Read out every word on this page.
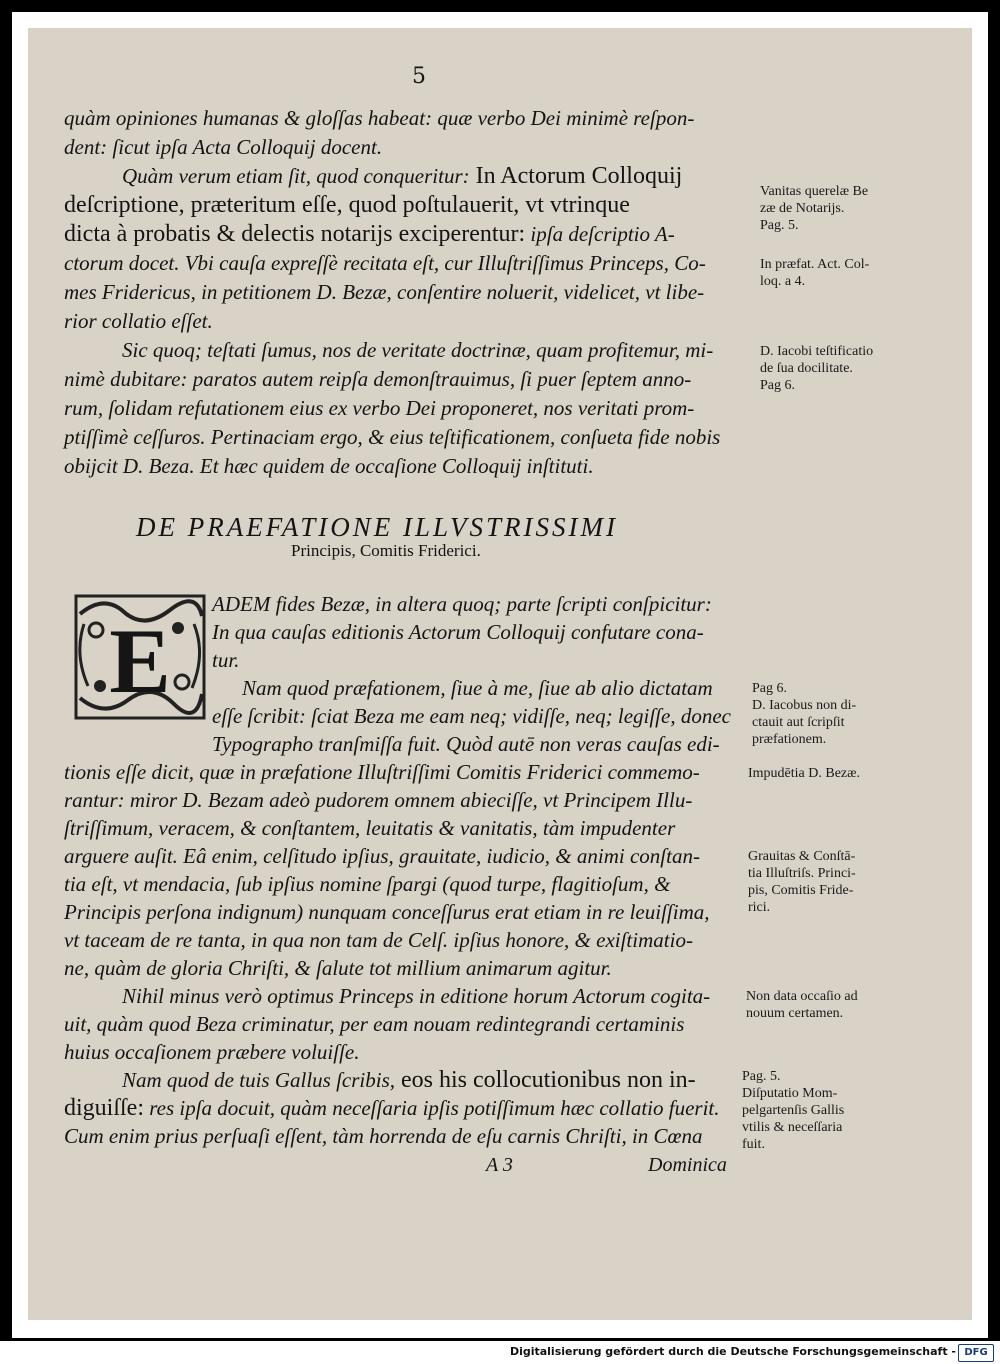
5
quàm opiniones humanas & gloſſas habeat: quæ verbo Dei minimè reſpon-
dent: ſicut ipſa Acta Colloquij docent.
Quàm verum etiam ſit, quod conqueritur: In Actorum Colloquij
deſcriptione, præteritum eſſe, quod poſtulauerit, vt vtrinque
dicta à probatis & delectis notarijs exciperentur: ipſa deſcriptio A-
ctorum docet. Vbi cauſa expreſſè recitata eſt, cur Illuſtriſſimus Princeps, Co-
mes Fridericus, in petitionem D. Bezæ, conſentire noluerit, videlicet, vt libe-
rior collatio eſſet.
Sic quoq; teſtati ſumus, nos de veritate doctrinæ, quam profitemur, mi-
nimè dubitare: paratos autem reipſa demonſtrauimus, ſi puer ſeptem anno-
rum, ſolidam refutationem eius ex verbo Dei proponeret, nos veritati prom-
ptiſſimè ceſſuros. Pertinaciam ergo, & eius teſtificationem, conſueta fide nobis
obijcit D. Beza. Et hæc quidem de occaſione Colloquij inſtituti.
DE PRAEFATIONE ILLVSTRISSIMI
Principis, Comitis Friderici.
E
ADEM fides Bezæ, in altera quoq; parte ſcripti conſpicitur:
In qua cauſas editionis Actorum Colloquij confutare cona-
tur.
Nam quod præfationem, ſiue à me, ſiue ab alio dictatam
eſſe ſcribit: ſciat Beza me eam neq; vidiſſe, neq; legiſſe, donec
Typographo tranſmiſſa fuit. Quòd autē non veras cauſas edi-
tionis eſſe dicit, quæ in præfatione Illuſtriſſimi Comitis Friderici commemo-
rantur: miror D. Bezam adeò pudorem omnem abieciſſe, vt Principem Illu-
ſtriſſimum, veracem, & conſtantem, leuitatis & vanitatis, tàm impudenter
arguere auſit. Eâ enim, celſitudo ipſius, grauitate, iudicio, & animi conſtan-
tia eſt, vt mendacia, ſub ipſius nomine ſpargi (quod turpe, flagitioſum, &
Principis perſona indignum) nunquam conceſſurus erat etiam in re leuiſſima,
vt taceam de re tanta, in qua non tam de Celſ. ipſius honore, & exiſtimatio-
ne, quàm de gloria Chriſti, & ſalute tot millium animarum agitur.
Nihil minus verò optimus Princeps in editione horum Actorum cogita-
uit, quàm quod Beza criminatur, per eam nouam redintegrandi certaminis
huius occaſionem præbere voluiſſe.
Nam quod de tuis Gallus ſcribis, eos his collocutionibus non in-
diguiſſe: res ipſa docuit, quàm neceſſaria ipſis potiſſimum hæc collatio fuerit.
Cum enim prius perſuaſi eſſent, tàm horrenda de eſu carnis Chriſti, in Cœna
A 3	Dominica
Vanitas querelæ Be
zæ de Notarijs.
Pag. 5.
In præfat. Act. Col-
loq. a 4.
D. Iacobi teſtificatio
de ſua docilitate.
Pag 6.
Pag 6.
D. Iacobus non di-
ctauit aut ſcripſit
præfationem.
Impudētia D. Bezæ.
Grauitas & Conſtā-
tia Illuſtriſs. Princi-
pis, Comitis Fride-
rici.
Non data occaſio ad
nouum certamen.
Pag. 5.
Diſputatio Mom-
pelgartenſis Gallis
vtilis & neceſſaria
fuit.
Digitalisierung gefördert durch die Deutsche Forschungsgemeinschaft - DFG
